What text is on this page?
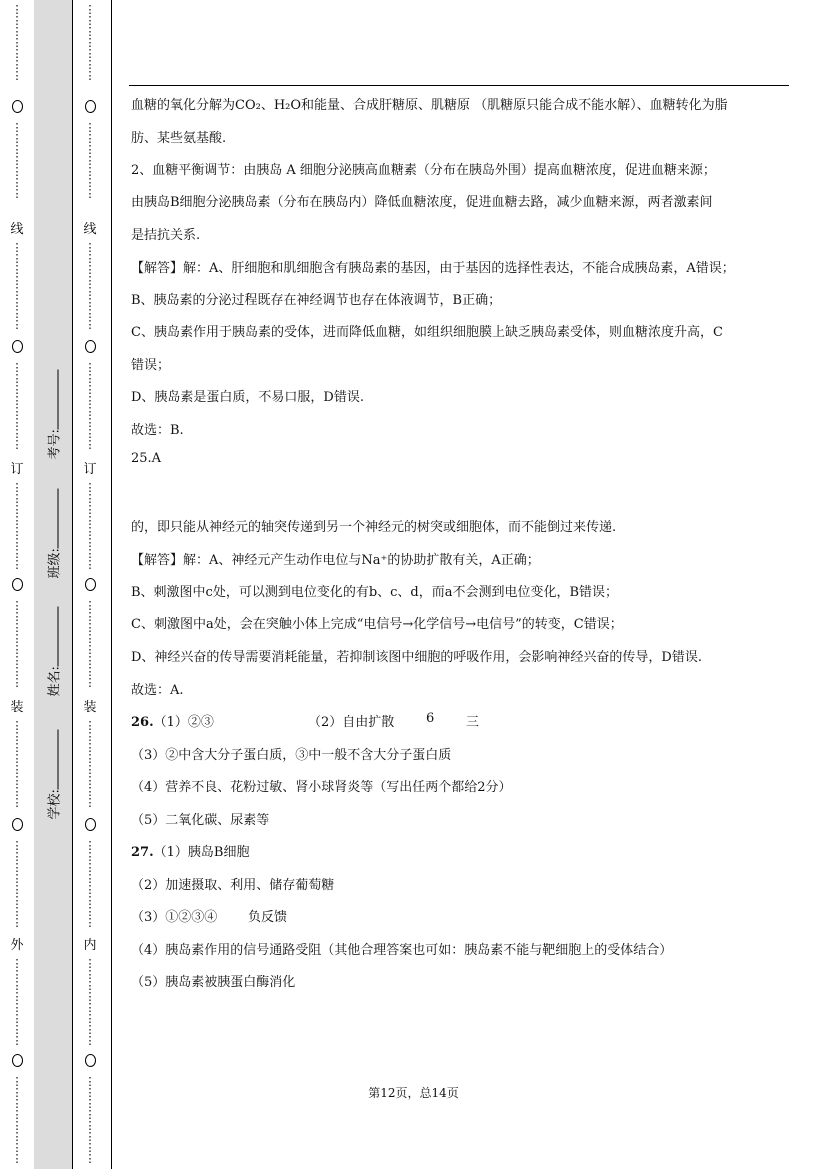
⋮
⋮
⋮
⋮
⋮
⋮
⋮
⋮
⋮
⋮
⋮
⋮
⋮
⋮
线
⋮
⋮
⋮
⋮
⋮
⋮
⋮
⋮
⋮
⋮
⋮
⋮
⋮
⋮
⋮
⋮
订
⋮
⋮
⋮
⋮
⋮
⋮
⋮
⋮
⋮
⋮
⋮
⋮
⋮
⋮
⋮
⋮
装
⋮
⋮
⋮
⋮
⋮
⋮
⋮
⋮
⋮
⋮
⋮
⋮
⋮
⋮
⋮
⋮
外
⋮
⋮
⋮
⋮
⋮
⋮
⋮
⋮
⋮
⋮
⋮
⋮
⋮
⋮
⋮
⋮
学校:
姓名:
班级:
考号:
⋮
⋮
⋮
⋮
⋮
⋮
⋮
⋮
⋮
⋮
⋮
⋮
⋮
⋮
线
⋮
⋮
⋮
⋮
⋮
⋮
⋮
⋮
⋮
⋮
⋮
⋮
⋮
⋮
⋮
⋮
订
⋮
⋮
⋮
⋮
⋮
⋮
⋮
⋮
⋮
⋮
⋮
⋮
⋮
⋮
⋮
⋮
装
⋮
⋮
⋮
⋮
⋮
⋮
⋮
⋮
⋮
⋮
⋮
⋮
⋮
⋮
⋮
⋮
内
⋮
⋮
⋮
⋮
⋮
⋮
⋮
⋮
⋮
⋮
⋮
⋮
⋮
⋮
⋮
⋮
血糖的氧化分解为CO₂、H₂O和能量、合成肝糖原、肌糖原 （肌糖原只能合成不能水解）、血糖转化为脂
肪、某些氨基酸.
2、血糖平衡调节：由胰岛 A 细胞分泌胰高血糖素（分布在胰岛外围）提高血糖浓度，促进血糖来源；
由胰岛B细胞分泌胰岛素（分布在胰岛内）降低血糖浓度，促进血糖去路，减少血糖来源，两者激素间
是拮抗关系.
【解答】解：A、肝细胞和肌细胞含有胰岛素的基因，由于基因的选择性表达，不能合成胰岛素，A错误；
B、胰岛素的分泌过程既存在神经调节也存在体液调节，B正确；
C、胰岛素作用于胰岛素的受体，进而降低血糖，如组织细胞膜上缺乏胰岛素受体，则血糖浓度升高，C
错误；
D、胰岛素是蛋白质，不易口服，D错误.
故选：B.
25.A
的，即只能从神经元的轴突传递到另一个神经元的树突或细胞体，而不能倒过来传递.
【解答】解：A、神经元产生动作电位与Na⁺的协助扩散有关，A正确；
B、刺激图中c处，可以测到电位变化的有b、c、d，而a不会测到电位变化，B错误；
C、刺激图中a处，会在突触小体上完成“电信号→化学信号→电信号”的转变，C错误；
D、神经兴奋的传导需要消耗能量，若抑制该图中细胞的呼吸作用，会影响神经兴奋的传导，D错误.
故选：A.
26.（1）②③	（2）自由扩散 6 三
（3）②中含大分子蛋白质，③中一般不含大分子蛋白质
（4）营养不良、花粉过敏、肾小球肾炎等（写出任两个都给2分）
（5）二氧化碳、尿素等
27.（1）胰岛B细胞
（2）加速摄取、利用、储存葡萄糖
（3）①②③④ 负反馈
（4）胰岛素作用的信号通路受阻（其他合理答案也可如：胰岛素不能与靶细胞上的受体结合）
（5）胰岛素被胰蛋白酶消化
第12页，总14页
